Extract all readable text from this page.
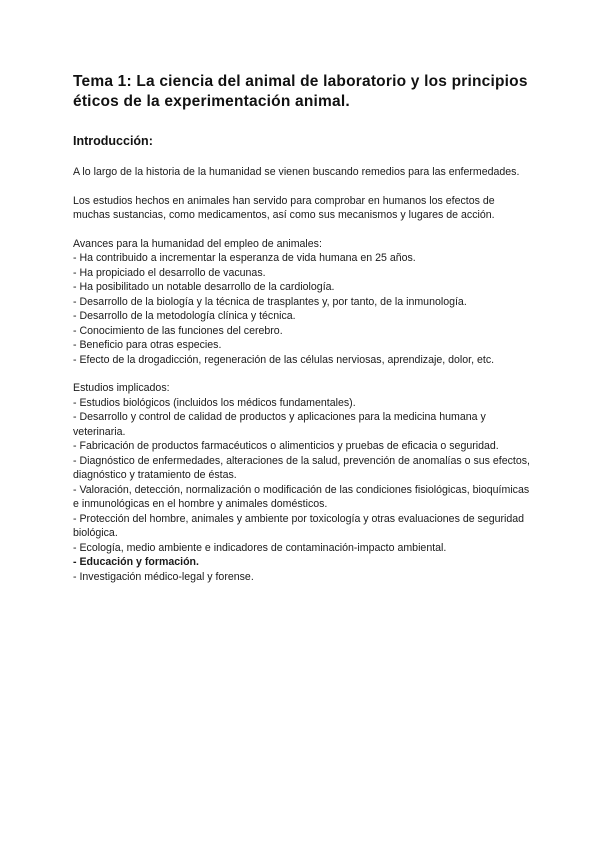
Tema 1: La ciencia del animal de laboratorio y los principios éticos de la experimentación animal.
Introducción:

A lo largo de la historia de la humanidad se vienen buscando remedios para las enfermedades.

Los estudios hechos en animales han servido para comprobar en humanos los efectos de muchas sustancias, como medicamentos, así como sus mecanismos y lugares de acción.

Avances para la humanidad del empleo de animales:

- Ha contribuido a incrementar la esperanza de vida humana en 25 años.
- Ha propiciado el desarrollo de vacunas.
- Ha posibilitado un notable desarrollo de la cardiología.
- Desarrollo de la biología y la técnica de trasplantes y, por tanto, de la inmunología.
- Desarrollo de la metodología clínica y técnica.
- Conocimiento de las funciones del cerebro.
- Beneficio para otras especies.
- Efecto de la drogadicción, regeneración de las células nerviosas, aprendizaje, dolor, etc.

Estudios implicados:

- Estudios biológicos (incluidos los médicos fundamentales).
- Desarrollo y control de calidad de productos y aplicaciones para la medicina humana y veterinaria.
- Fabricación de productos farmacéuticos o alimenticios y pruebas de eficacia o seguridad.
- Diagnóstico de enfermedades, alteraciones de la salud, prevención de anomalías o sus efectos, diagnóstico y tratamiento de éstas.
- Valoración, detección, normalización o modificación de las condiciones fisiológicas, bioquímicas e inmunológicas en el hombre y animales domésticos.
- Protección del hombre, animales y ambiente por toxicología y otras evaluaciones de seguridad biológica.
- Ecología, medio ambiente e indicadores de contaminación-impacto ambiental.
- Educación y formación.
- Investigación médico-legal y forense.
